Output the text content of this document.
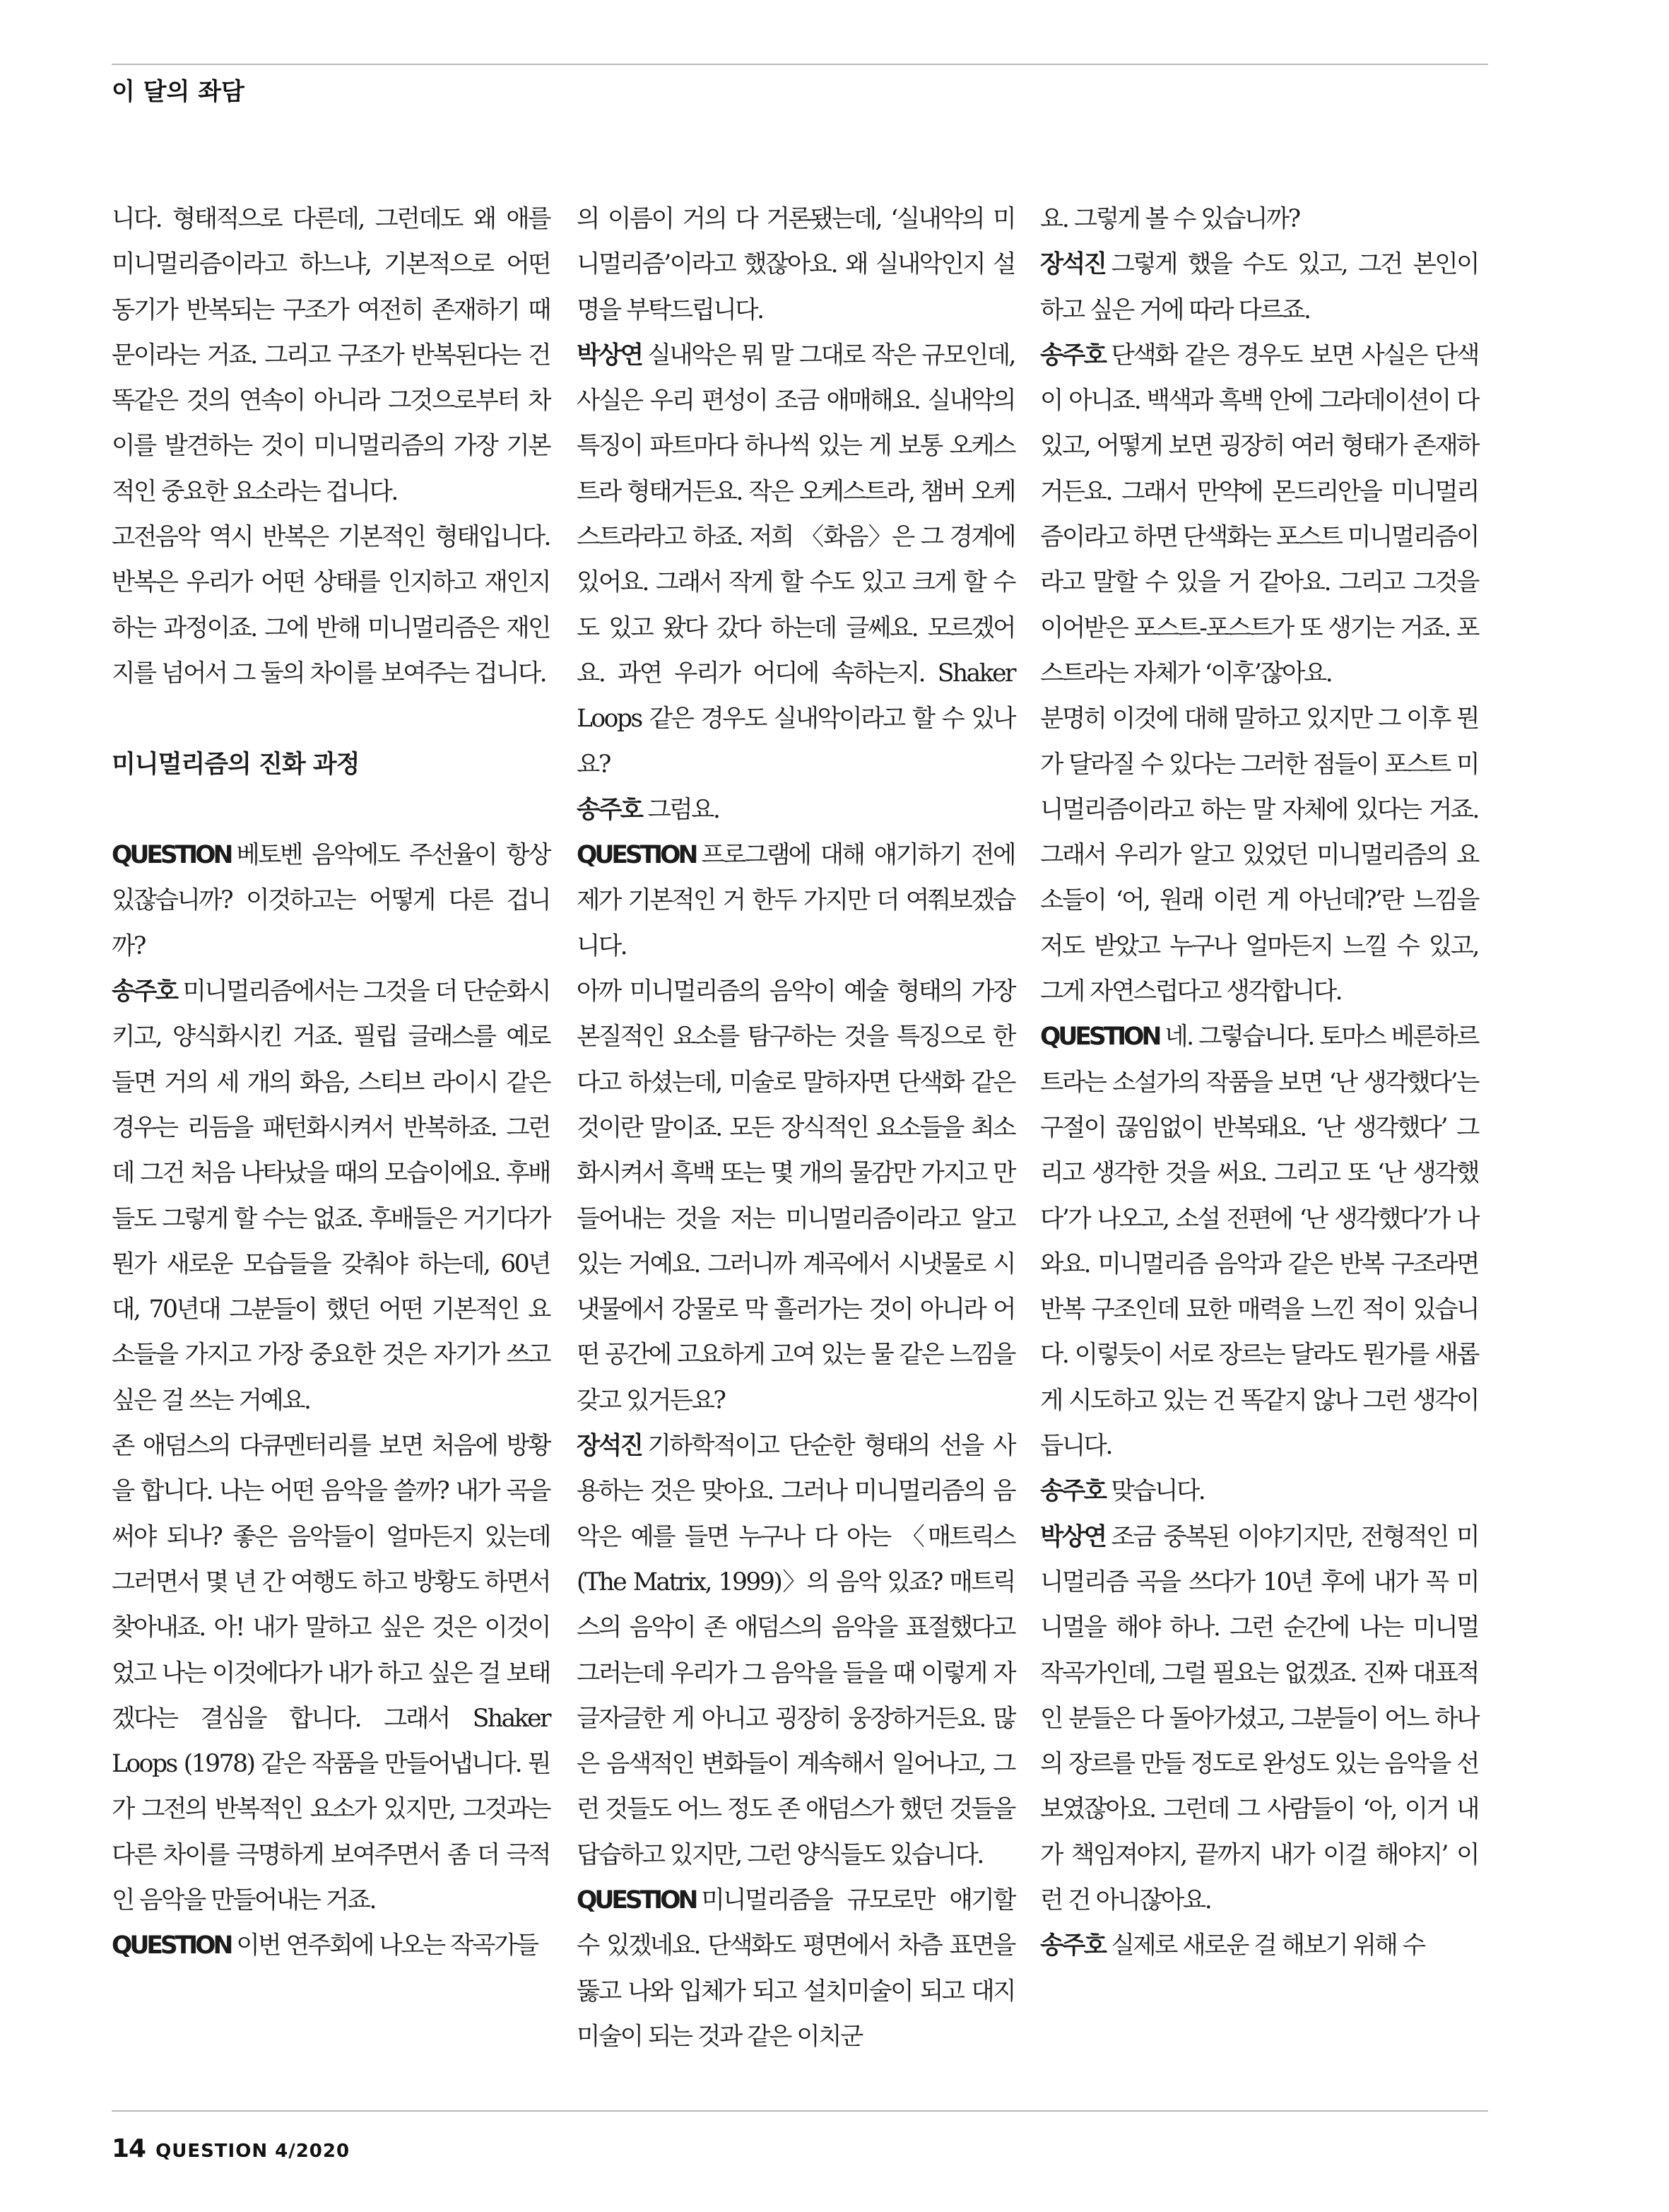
이 달의 좌담

니다. 형태적으로 다른데, 그런데도 왜 애를 미니멀리즘이라고 하느냐, 기본적으로 어떤 동기가 반복되는 구조가 여전히 존재하기 때문이라는 거죠. 그리고 구조가 반복된다는 건 똑같은 것의 연속이 아니라 그것으로부터 차이를 발견하는 것이 미니멀리즘의 가장 기본적인 중요한 요소라는 겁니다.

고전음악 역시 반복은 기본적인 형태입니다. 반복은 우리가 어떤 상태를 인지하고 재인지하는 과정이죠. 그에 반해 미니멀리즘은 재인지를 넘어서 그 둘의 차이를 보여주는 겁니다.

미니멀리즘의 진화 과정

QUESTION 베토벤 음악에도 주선율이 항상 있잖습니까? 이것하고는 어떻게 다른 겁니까?

송주호 미니멀리즘에서는 그것을 더 단순화시키고, 양식화시킨 거죠. 필립 글래스를 예로 들면 거의 세 개의 화음, 스티브 라이시 같은 경우는 리듬을 패턴화시켜서 반복하죠. 그런데 그건 처음 나타났을 때의 모습이에요. 후배들도 그렇게 할 수는 없죠. 후배들은 거기다가 뭔가 새로운 모습들을 갖춰야 하는데, 60년대, 70년대 그분들이 했던 어떤 기본적인 요소들을 가지고 가장 중요한 것은 자기가 쓰고 싶은 걸 쓰는 거예요.

존 애덤스의 다큐멘터리를 보면 처음에 방황을 합니다. 나는 어떤 음악을 쓸까? 내가 곡을 써야 되나? 좋은 음악들이 얼마든지 있는데 그러면서 몇 년 간 여행도 하고 방황도 하면서 찾아내죠. 아! 내가 말하고 싶은 것은 이것이었고 나는 이것에다가 내가 하고 싶은 걸 보태겠다는 결심을 합니다. 그래서 Shaker Loops (1978) 같은 작품을 만들어냅니다. 뭔가 그전의 반복적인 요소가 있지만, 그것과는 다른 차이를 극명하게 보여주면서 좀 더 극적인 음악을 만들어내는 거죠.

QUESTION 이번 연주회에 나오는 작곡가들

의 이름이 거의 다 거론됐는데, ‘실내악의 미니멀리즘’이라고 했잖아요. 왜 실내악인지 설명을 부탁드립니다.

박상연 실내악은 뭐 말 그대로 작은 규모인데, 사실은 우리 편성이 조금 애매해요. 실내악의 특징이 파트마다 하나씩 있는 게 보통 오케스트라 형태거든요. 작은 오케스트라, 챔버 오케스트라라고 하죠. 저희 〈화음〉은 그 경계에 있어요. 그래서 작게 할 수도 있고 크게 할 수도 있고 왔다 갔다 하는데 글쎄요. 모르겠어요. 과연 우리가 어디에 속하는지. Shaker Loops 같은 경우도 실내악이라고 할 수 있나요?

송주호 그럼요.

QUESTION 프로그램에 대해 얘기하기 전에 제가 기본적인 거 한두 가지만 더 여쭤보겠습니다.

아까 미니멀리즘의 음악이 예술 형태의 가장 본질적인 요소를 탐구하는 것을 특징으로 한다고 하셨는데, 미술로 말하자면 단색화 같은 것이란 말이죠. 모든 장식적인 요소들을 최소화시켜서 흑백 또는 몇 개의 물감만 가지고 만들어내는 것을 저는 미니멀리즘이라고 알고 있는 거예요. 그러니까 계곡에서 시냇물로 시냇물에서 강물로 막 흘러가는 것이 아니라 어떤 공간에 고요하게 고여 있는 물 같은 느낌을 갖고 있거든요?

장석진 기하학적이고 단순한 형태의 선을 사용하는 것은 맞아요. 그러나 미니멀리즘의 음악은 예를 들면 누구나 다 아는 〈매트릭스(The Matrix, 1999)〉의 음악 있죠? 매트릭스의 음악이 존 애덤스의 음악을 표절했다고 그러는데 우리가 그 음악을 들을 때 이렇게 자글자글한 게 아니고 굉장히 웅장하거든요. 많은 음색적인 변화들이 계속해서 일어나고, 그런 것들도 어느 정도 존 애덤스가 했던 것들을 답습하고 있지만, 그런 양식들도 있습니다.

QUESTION 미니멀리즘을 규모로만 얘기할 수 있겠네요. 단색화도 평면에서 차츰 표면을 뚫고 나와 입체가 되고 설치미술이 되고 대지미술이 되는 것과 같은 이치군

요. 그렇게 볼 수 있습니까?

장석진 그렇게 했을 수도 있고, 그건 본인이 하고 싶은 거에 따라 다르죠.

송주호 단색화 같은 경우도 보면 사실은 단색이 아니죠. 백색과 흑백 안에 그라데이션이 다 있고, 어떻게 보면 굉장히 여러 형태가 존재하거든요. 그래서 만약에 몬드리안을 미니멀리즘이라고 하면 단색화는 포스트 미니멀리즘이라고 말할 수 있을 거 같아요. 그리고 그것을 이어받은 포스트-포스트가 또 생기는 거죠. 포스트라는 자체가 ‘이후’잖아요.

분명히 이것에 대해 말하고 있지만 그 이후 뭔가 달라질 수 있다는 그러한 점들이 포스트 미니멀리즘이라고 하는 말 자체에 있다는 거죠. 그래서 우리가 알고 있었던 미니멀리즘의 요소들이 ‘어, 원래 이런 게 아닌데?’란 느낌을 저도 받았고 누구나 얼마든지 느낄 수 있고, 그게 자연스럽다고 생각합니다.

QUESTION 네. 그렇습니다. 토마스 베른하르트라는 소설가의 작품을 보면 ‘난 생각했다’는 구절이 끊임없이 반복돼요. ‘난 생각했다’ 그리고 생각한 것을 써요. 그리고 또 ‘난 생각했다’가 나오고, 소설 전편에 ‘난 생각했다’가 나와요. 미니멀리즘 음악과 같은 반복 구조라면 반복 구조인데 묘한 매력을 느낀 적이 있습니다. 이렇듯이 서로 장르는 달라도 뭔가를 새롭게 시도하고 있는 건 똑같지 않나 그런 생각이 듭니다.

송주호 맞습니다.

박상연 조금 중복된 이야기지만, 전형적인 미니멀리즘 곡을 쓰다가 10년 후에 내가 꼭 미니멀을 해야 하나. 그런 순간에 나는 미니멀 작곡가인데, 그럴 필요는 없겠죠. 진짜 대표적인 분들은 다 돌아가셨고, 그분들이 어느 하나의 장르를 만들 정도로 완성도 있는 음악을 선보였잖아요. 그런데 그 사람들이 ‘아, 이거 내가 책임져야지, 끝까지 내가 이걸 해야지’ 이런 건 아니잖아요.

송주호 실제로 새로운 걸 해보기 위해 수

14 QUESTION 4/2020
